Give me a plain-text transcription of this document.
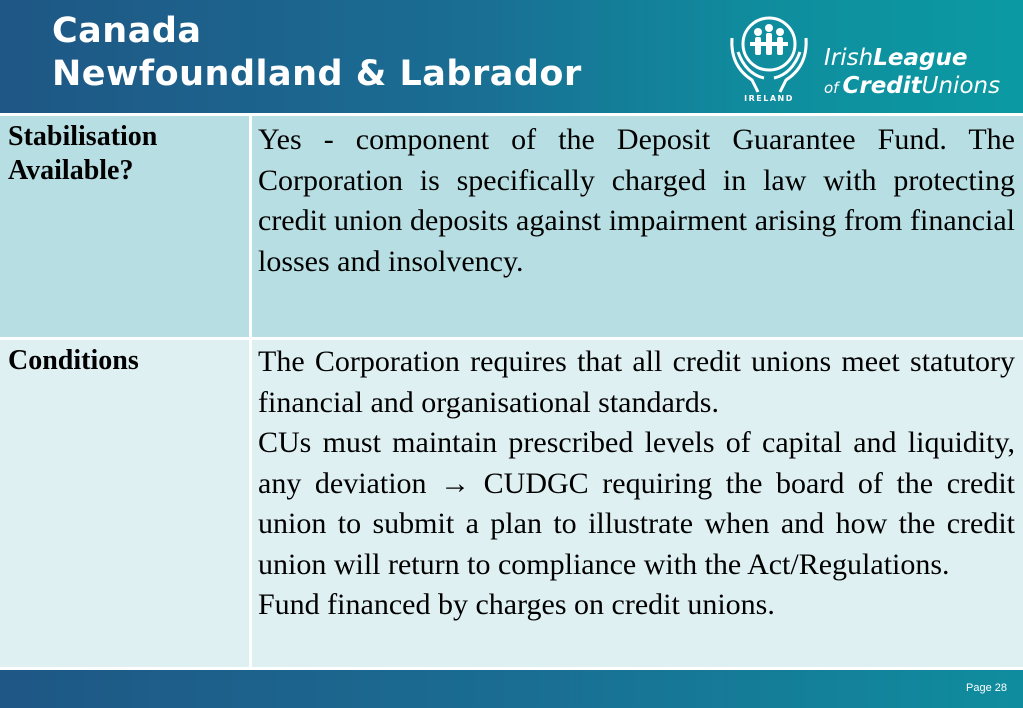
Canada
Newfoundland & Labrador
IRELAND
IrishLeague
of CreditUnions
Stabilisation Available?

Yes - component of the Deposit Guarantee Fund. The Corporation is specifically charged in law with protecting credit union deposits against impairment arising from financial losses and insolvency.

Conditions	The Corporation requires that all credit unions meet statutory financial and organisational standards.

CUs must maintain prescribed levels of capital and liquidity, any deviation → CUDGC requiring the board of the credit union to submit a plan to illustrate when and how the credit union will return to compliance with the Act/Regulations.

Fund financed by charges on credit unions.

Page 28
